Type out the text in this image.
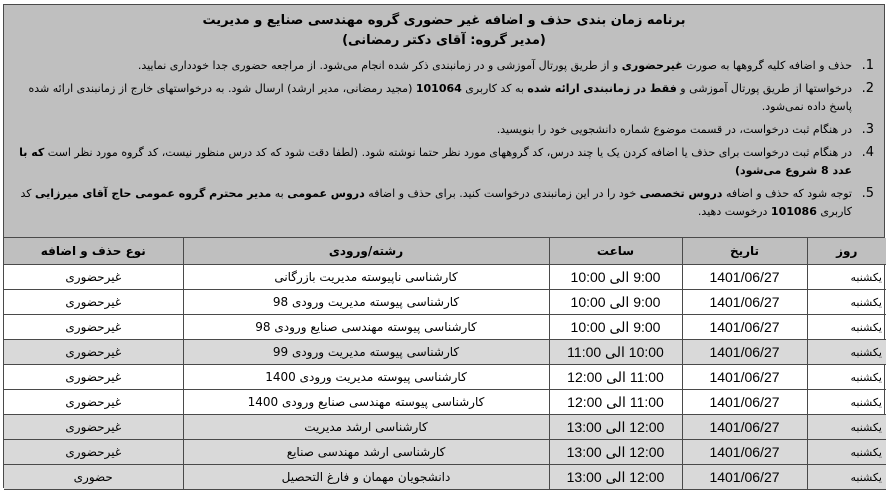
برنامه زمان بندی حذف و اضافه غیر حضوری گروه مهندسی صنایع و مدیریت
(مدیر گروه: آقای دکتر رمضانی)
1.
حذف و اضافه کلیه گروهها به صورت غیرحضوری و از طریق پورتال آموزشی و در زمانبندی ذکر شده انجام می‌شود. از مراجعه حضوری جدا خودداری نمایید.
2.
درخواستها از طریق پورتال آموزشی و فقط در زمانبندی ارائه شده به کد کاربری 101064 (مجید رمضانی، مدیر ارشد) ارسال شود. به درخواستهای خارج از زمانبندی ارائه شده پاسخ داده نمی‌شود.
3.
در هنگام ثبت درخواست، در قسمت موضوع شماره دانشجویی خود را بنویسید.
4.
در هنگام ثبت درخواست برای حذف یا اضافه کردن یک یا چند درس، کد گروههای مورد نظر حتما نوشته شود. (لطفا دقت شود که کد درس منظور نیست، کد گروه مورد نظر است که با عدد 8 شروع می‌شود)
5.
توجه شود که حذف و اضافه دروس تخصصی خود را در این زمانبندی درخواست کنید. برای حذف و اضافه دروس عمومی به مدیر محترم گروه عمومی حاج آقای میرزایی کد کاربری 101086 درخوست دهید.
روز	تاریخ	ساعت	رشته/ورودی	نوع حذف و اضافه
یکشنبه	1401/06/27	9:00 الی 10:00	کارشناسی ناپیوسته مدیریت بازرگانی	غیرحضوری
یکشنبه	1401/06/27	9:00 الی 10:00	کارشناسی پیوسته مدیریت ورودی 98	غیرحضوری
یکشنبه	1401/06/27	9:00 الی 10:00	کارشناسی پیوسته مهندسی صنایع ورودی 98	غیرحضوری
یکشنبه	1401/06/27	10:00 الی 11:00	کارشناسی پیوسته مدیریت ورودی 99	غیرحضوری
یکشنبه	1401/06/27	11:00 الی 12:00	کارشناسی پیوسته مدیریت ورودی 1400	غیرحضوری
یکشنبه	1401/06/27	11:00 الی 12:00	کارشناسی پیوسته مهندسی صنایع ورودی 1400	غیرحضوری
یکشنبه	1401/06/27	12:00 الی 13:00	کارشناسی ارشد مدیریت	غیرحضوری
یکشنبه	1401/06/27	12:00 الی 13:00	کارشناسی ارشد مهندسی صنایع	غیرحضوری
یکشنبه	1401/06/27	12:00 الی 13:00	دانشجویان مهمان و فارغ التحصیل	حضوری
